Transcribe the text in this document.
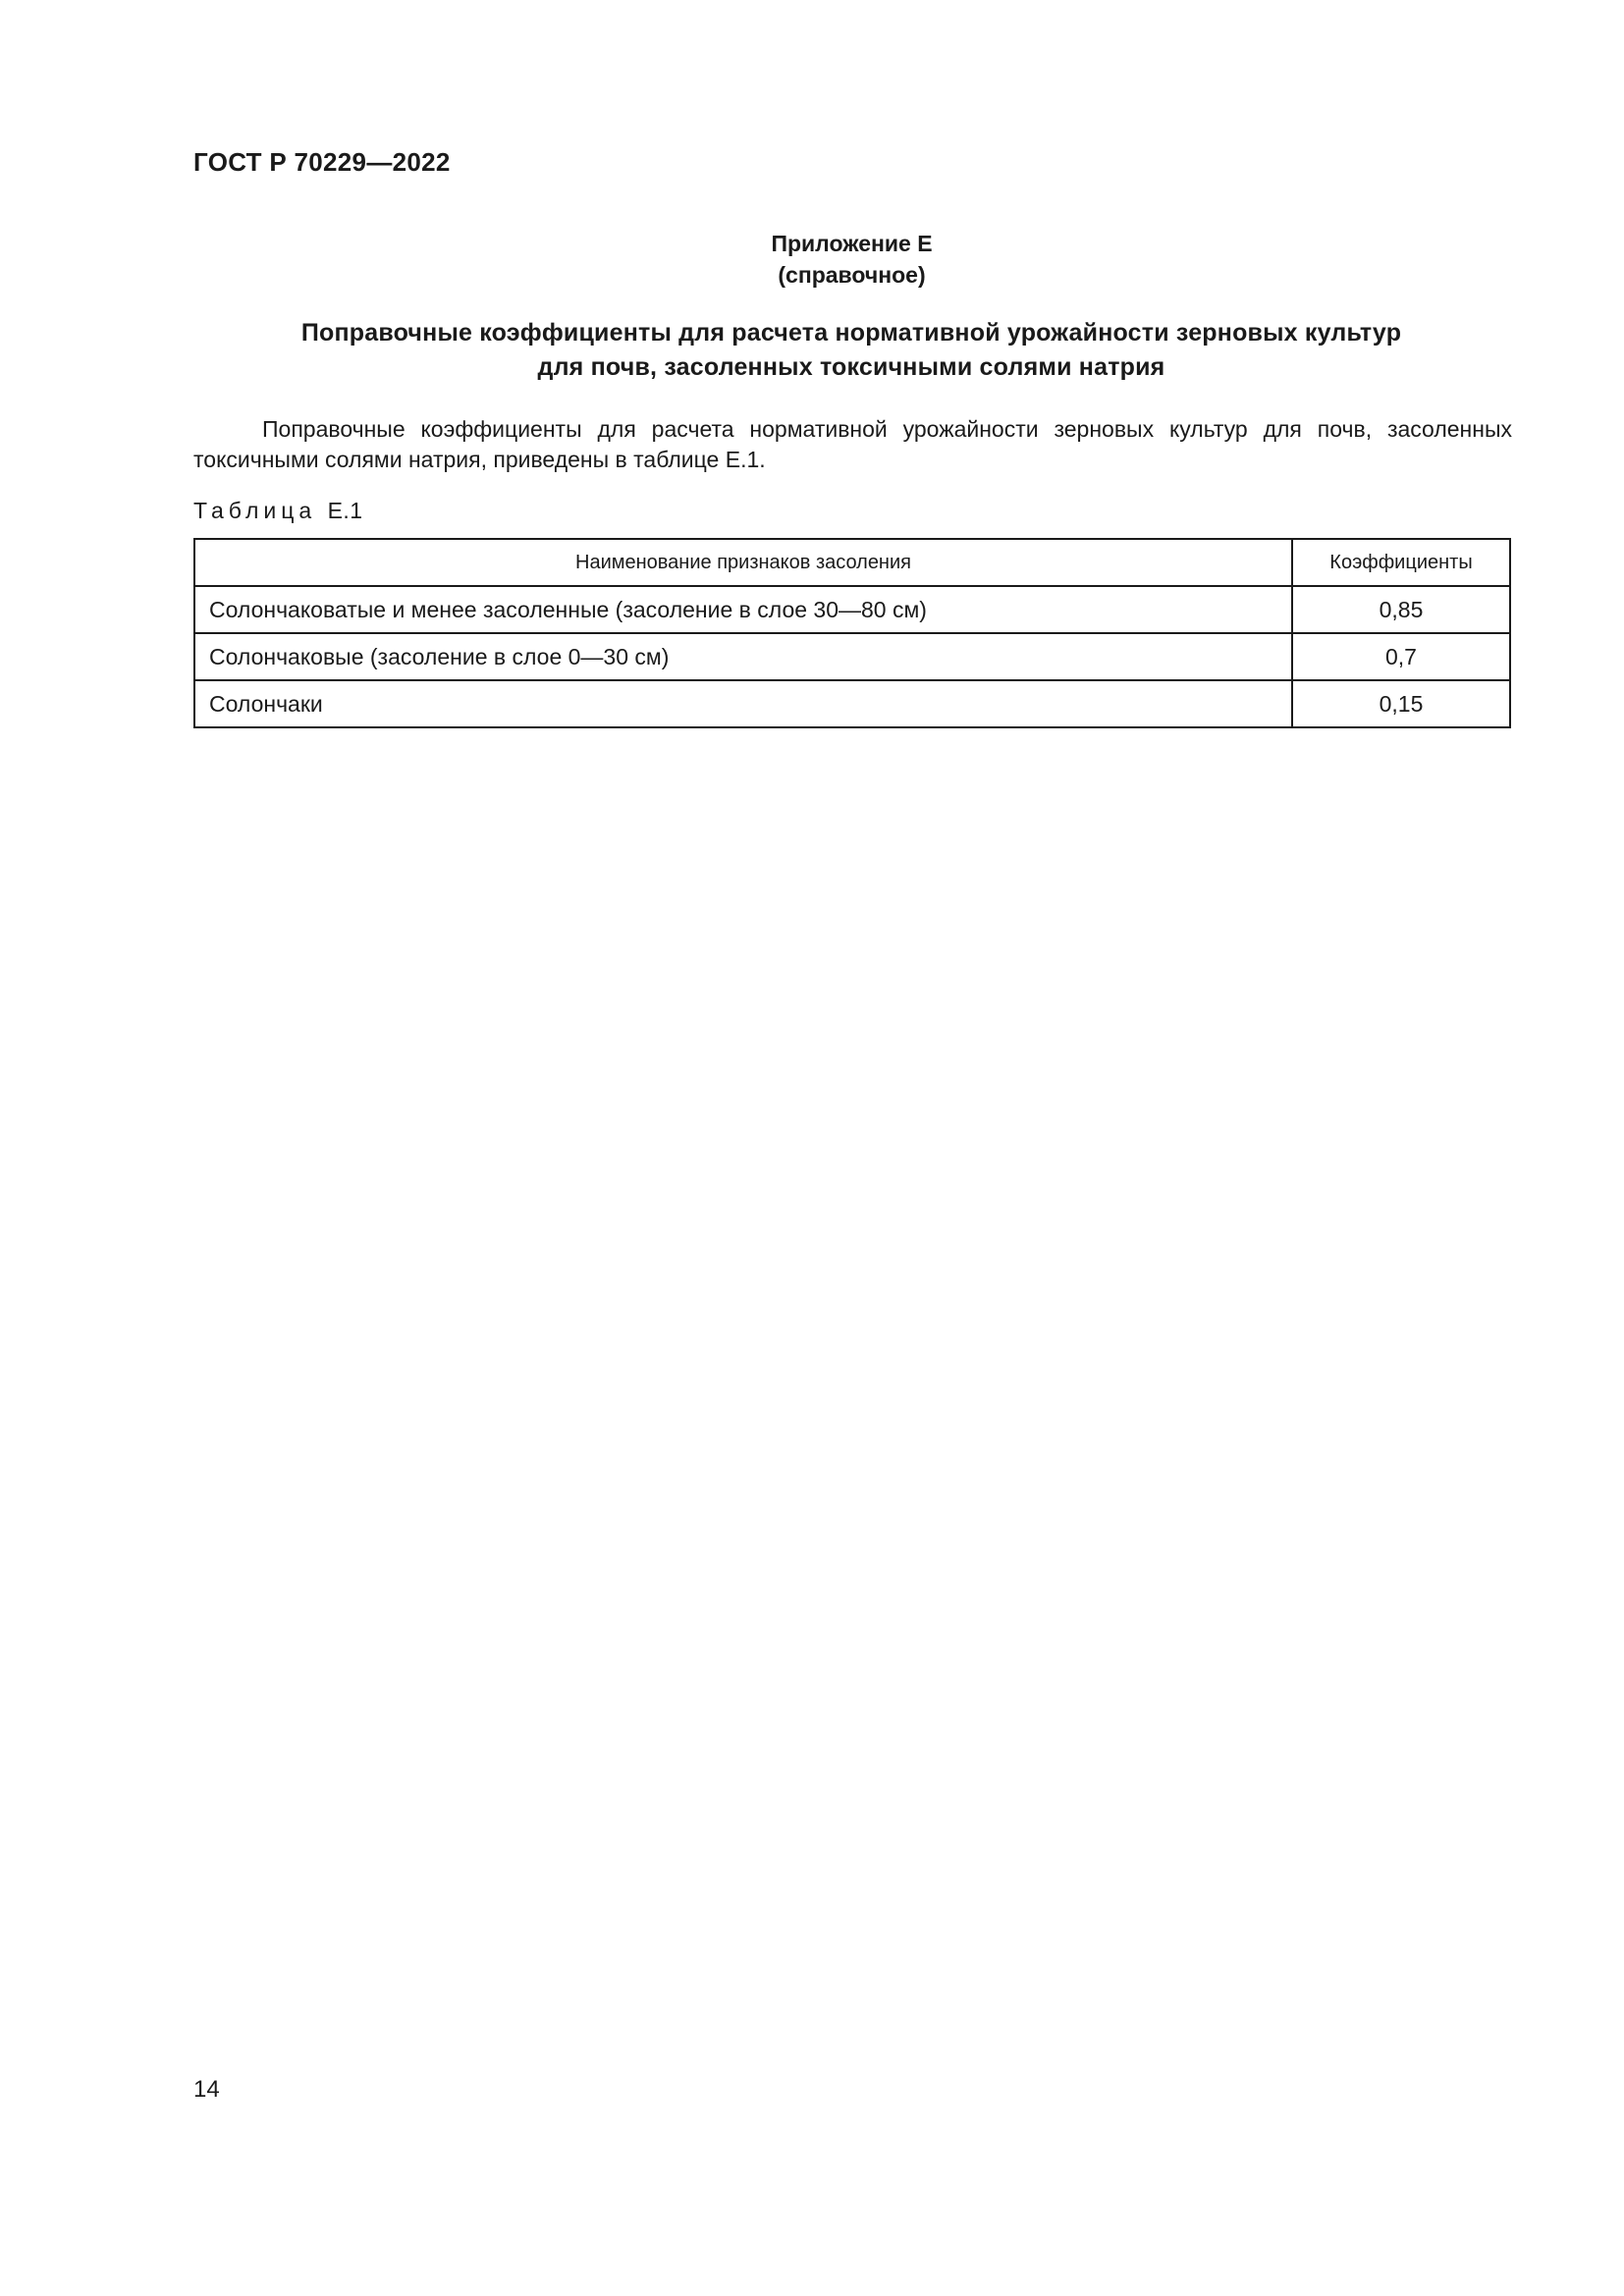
ГОСТ Р 70229—2022
Приложение Е
(справочное)
Поправочные коэффициенты для расчета нормативной урожайности зерновых культур
для почв, засоленных токсичными солями натрия
Поправочные коэффициенты для расчета нормативной урожайности зерновых культур для почв, засоленных токсичными солями натрия, приведены в таблице Е.1.
Таблица Е.1
Наименование признаков засоления	Коэффициенты
Солончаковатые и менее засоленные (засоление в слое 30—80 см)	0,85
Солончаковые (засоление в слое 0—30 см)	0,7
Солончаки	0,15
14
